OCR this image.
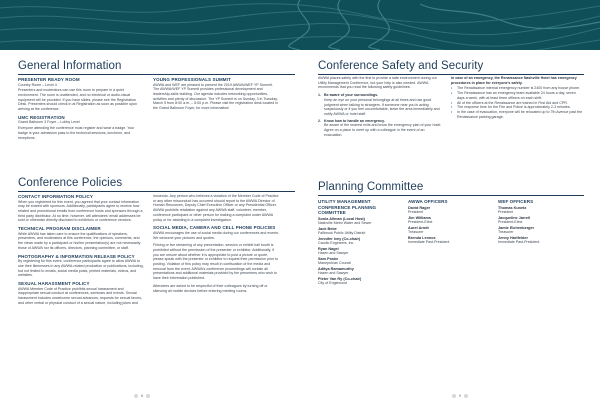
General Information
PRESENTER READY ROOM
Country Room – Level 4
Presenters and moderators can use this room to prepare in a quiet environment. The room is unattended, and no electrical or audio-visual equipment will be provided. If you have slides, please see the Registration Desk. Presenters should check in at Registration as soon as possible upon arriving at the conference.
UMC REGISTRATION
Grand Ballroom 3 Foyer – Lobby Level
Everyone attending the conference must register and wear a badge. Your badge is your admission pass to the technical sessions, luncheon, and receptions.
YOUNG PROFESSIONALS SUMMIT
AWWA and WEF are pleased to present the 2019 AWWA/WEF YP Summit. The AWWA/WEF YP Summit provides professional development and leadership-skills building. Our agenda includes networking opportunities, activities and plenty of discussion. The YP Summit is on Sunday, 3 in Tuesday, March 5 from 8:00 a.m. – 5:00 p.m. Please visit the registration desk located in the Grand Ballroom Foyer, for more information!
Conference Policies
CONTACT INFORMATION POLICY
When you registered for this event, you agreed that your contact information may be shared with sponsors. Additionally, participants agree to receive how related and promotional emails from conference hosts and sponsors through a third party distributor. At no time, however, will attendees' email addresses be sold or otherwise directly disclosed to exhibitors or conference vendors.
TECHNICAL PROGRAM DISCLAIMER
While AWWA has taken care to ensure the qualifications of speakers, presenters, and moderators at this conference, the opinions, comments, and the views made by a participant or his/her presentation(s) are not necessarily those of AWWA nor its officers, directors, planning committee, or staff.
PHOTOGRAPHY & INFORMATION RELEASE POLICY
By registering for this event, conference participants agree to allow AWWA to use their likenesses in any AWWA-related production or publications, including, but not limited to emails, social media posts, printed materials, videos, and websites.
SEXUAL HARASSMENT POLICY
AWWA Member Code of Practice prohibits sexual harassment and inappropriate sexual conduct at conferences, seminars and events. Sexual harassment includes unwelcome sexual advances, requests for sexual favors, and other verbal or physical conduct of a sexual nature, including jokes and
innuendo. Any person who believes a violation of the Member Code of Practice or any other misconduct has occurred should report to the AWWA Director of Human Resources, Deputy Chief Executive Officer or any Presidential Officer. AWWA prohibits retaliation against any AWWA staff, volunteer, member, conference participant or other person for making a complaint under AWWA policy or for assisting in a complaint investigation.
SOCIAL MEDIA, CAMERA AND CELL PHONE POLICIES
AWWA encourages the use of social media during our conferences and events. We welcome your pictures and quotes.
Filming or live streaming of any presentation, session or exhibit hall booth is prohibited without the permission of the presenter or exhibitor. Additionally, if you are unsure about whether it is appropriate to post a picture or quote, please speak with the presenter or exhibitor to request their permission prior to posting. Violation of this policy may result in confiscation of the media and removal from the event. AWWA's conference proceedings will contain all presentations and additional materials provided by the presenters who wish to have their information published.
Attendees are asked to be respectful of their colleagues by turning off or silencing all mobile devices before entering meeting rooms.
8
Conference Safety and Security
AWWA places safety with the first to provide a safe environment during our Utility Management Conference, but your help is also needed. AWWA recommends that you read the following safety guidelines:
1. Be aware of your surroundings.
Keep an eye on your personal belongings at all times and use good judgment when talking to strangers. If someone near you is acting suspiciously or if you feel uncomfortable, leave the area immediately and notify AWWA or hotel staff.
2. Know how to handle an emergency.
Be aware of the nearest exits and know the emergency plan of your hotel. Agree on a place to meet up with a colleague in the event of an evacuation.
In case of an emergency, the Renaissance Nashville Hotel has emergency procedures in place for everyone's safety.
• The Renaissance internal emergency number is 2400 from any house phone.
• The Renaissance has an emergency team available 24 hours a day, seven days a week, with at least three officers on each shift.
• All of the officers at the Renaissance are trained in First Aid and CPR.
• The response time for the Fire and Police is approximately 2-3 minutes.
• In the case of evacuation, everyone will be relocated up to 7th Avenue past the Renaissance parking garage.
Planning Committee
UTILITY MANAGEMENT CONFERENCE PLANNING COMMITTEE
Sonia Allman (Local Host)
Nashville Metro Water and Sewer
Jack Bebe
Fallbrook Public Utility District
Jennifer Ivey (Co-chair)
Carollo Engineers, Inc.
Ryan Nagel
Hazen and Sawyer
Sam Poske
Manepoh/an Council
Aditya Ramamurthy
Hazen and Sawyer
Pieter Van Ry (Co-chair)
City of Englewood
AWWA OFFICERS
David Rager
President
Jim Williams
President-Elect
Aurel Arndt
Treasurer
Brenda Lennox
Immediate Past-President
WEF OFFICERS
Thomas Kunetz
President
Jacqueline Jarrell
President-Elect
Jamie Eichenberger
Treasurer
Jenny Hartfelder
Immediate Past-President
9
